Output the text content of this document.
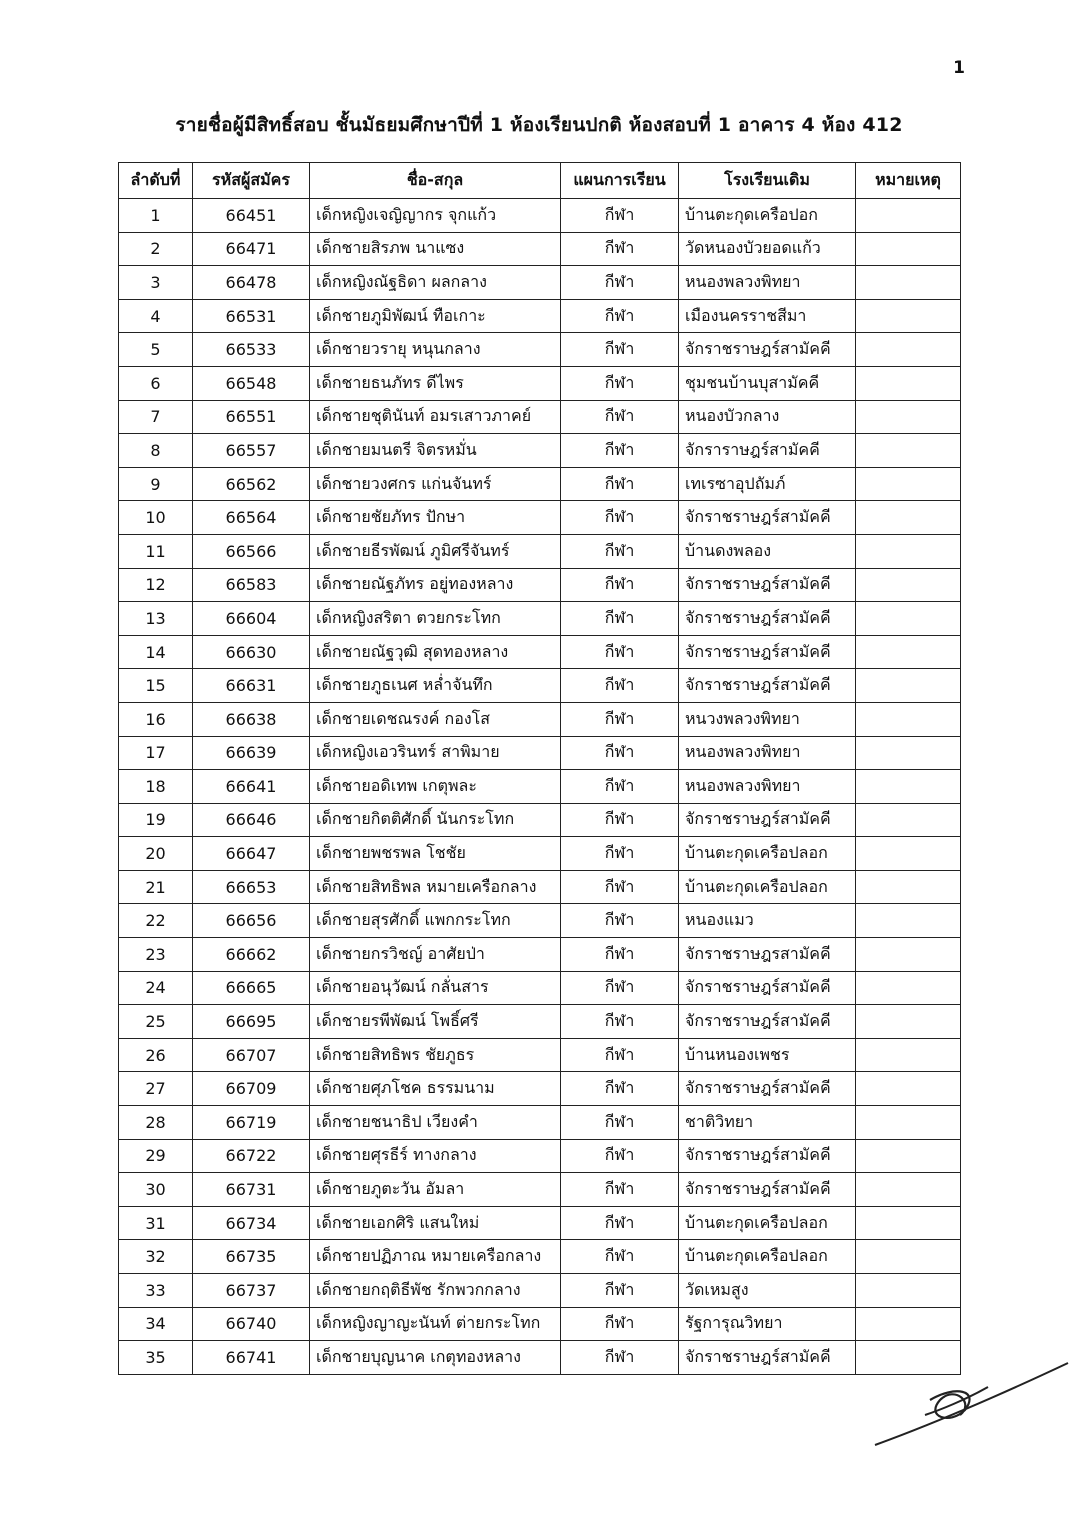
1
รายชื่อผู้มีสิทธิ์สอบ ชั้นมัธยมศึกษาปีที่ 1 ห้องเรียนปกติ ห้องสอบที่ 1 อาคาร 4 ห้อง 412
ลำดับที่	รหัสผู้สมัคร	ชื่อ-สกุล	แผนการเรียน	โรงเรียนเดิม	หมายเหตุ
1	66451	เด็กหญิงเจญิญากร จุกแก้ว	กีฬา	บ้านตะกุดเครือปอก	
2	66471	เด็กชายสิรภพ นาแซง	กีฬา	วัดหนองบัวยอดแก้ว	
3	66478	เด็กหญิงณัฐธิดา ผลกลาง	กีฬา	หนองพลวงพิทยา	
4	66531	เด็กชายภูมิพัฒน์ ทือเกาะ	กีฬา	เมืองนครราชสีมา	
5	66533	เด็กชายวรายุ หนุนกลาง	กีฬา	จักราชราษฎร์สามัคคี	
6	66548	เด็กชายธนภัทร ดีไพร	กีฬา	ชุมชนบ้านบุสามัคคี	
7	66551	เด็กชายชุตินันท์ อมรเสาวภาคย์	กีฬา	หนองบัวกลาง	
8	66557	เด็กชายมนตรี จิตรหมั่น	กีฬา	จักราราษฎร์สามัคคี	
9	66562	เด็กชายวงศกร แก่นจันทร์	กีฬา	เทเรซาอุปถัมภ์	
10	66564	เด็กชายชัยภัทร ปักษา	กีฬา	จักราชราษฎร์สามัคคี	
11	66566	เด็กชายธีรพัฒน์ ภูมิศรีจันทร์	กีฬา	บ้านดงพลอง	
12	66583	เด็กชายณัฐภัทร อยู่ทองหลาง	กีฬา	จักราชราษฎร์สามัคคี	
13	66604	เด็กหญิงสริตา ตวยกระโทก	กีฬา	จักราชราษฎร์สามัคคี	
14	66630	เด็กชายณัฐวุฒิ สุดทองหลาง	กีฬา	จักราชราษฎร์สามัคคี	
15	66631	เด็กชายภูธเนศ หล่ำจันทึก	กีฬา	จักราชราษฎร์สามัคคี	
16	66638	เด็กชายเดชณรงค์ กองโส	กีฬา	หนวงพลวงพิทยา	
17	66639	เด็กหญิงเอวรินทร์ สาพิมาย	กีฬา	หนองพลวงพิทยา	
18	66641	เด็กชายอดิเทพ เกตุพละ	กีฬา	หนองพลวงพิทยา	
19	66646	เด็กชายกิตติศักดิ์ นันกระโทก	กีฬา	จักราชราษฎร์สามัคคี	
20	66647	เด็กชายพชรพล โชชัย	กีฬา	บ้านตะกุดเครือปลอก	
21	66653	เด็กชายสิทธิพล หมายเครือกลาง	กีฬา	บ้านตะกุดเครือปลอก	
22	66656	เด็กชายสุรศักดิ์ แพกกระโทก	กีฬา	หนองแมว	
23	66662	เด็กชายกรวิชญ์ อาศัยป่า	กีฬา	จักราชราษฎรสามัคคี	
24	66665	เด็กชายอนุวัฒน์ กลั่นสาร	กีฬา	จักราชราษฎร์สามัคคี	
25	66695	เด็กชายรพีพัฒน์ โพธิ์ศรี	กีฬา	จักราชราษฎร์สามัคคี	
26	66707	เด็กชายสิทธิพร ชัยภูธร	กีฬา	บ้านหนองเพชร	
27	66709	เด็กชายศุภโชค ธรรมนาม	กีฬา	จักราชราษฎร์สามัคคี	
28	66719	เด็กชายชนาธิป เวียงคำ	กีฬา	ชาติวิทยา	
29	66722	เด็กชายศุรธีร์ ทางกลาง	กีฬา	จักราชราษฎร์สามัคคี	
30	66731	เด็กชายภูตะวัน อัมลา	กีฬา	จักราชราษฎร์สามัคคี	
31	66734	เด็กชายเอกศิริ แสนใหม่	กีฬา	บ้านตะกุดเครือปลอก	
32	66735	เด็กชายปฏิภาณ หมายเครือกลาง	กีฬา	บ้านตะกุดเครือปลอก	
33	66737	เด็กชายกฤติธีพัช รักพวกกลาง	กีฬา	วัดเหมสูง	
34	66740	เด็กหญิงญาญะนันท์ ต่ายกระโทก	กีฬา	รัฐการุณวิทยา	
35	66741	เด็กชายบุญนาค เกตุทองหลาง	กีฬา	จักราชราษฎร์สามัคคี	
